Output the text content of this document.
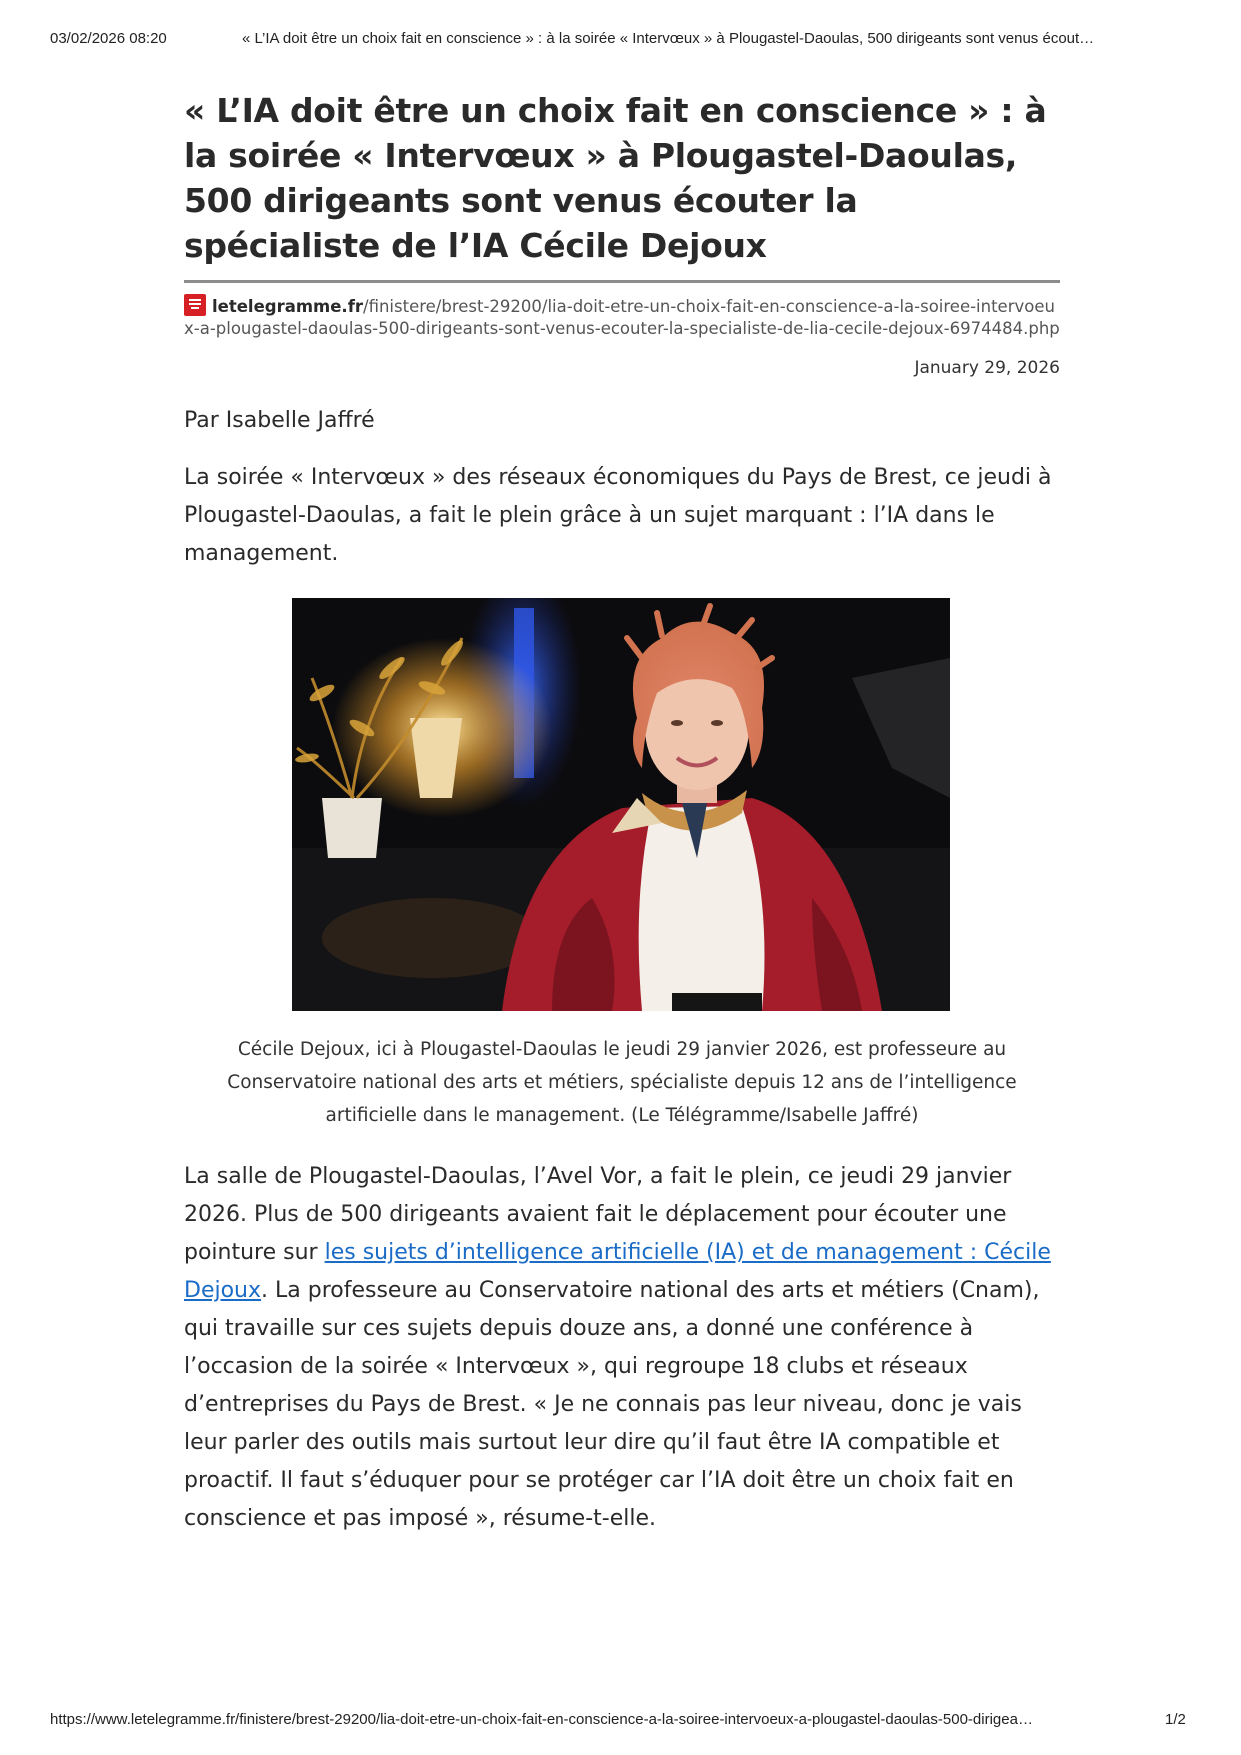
03/02/2026 08:20	« L’IA doit être un choix fait en conscience » : à la soirée « Intervœux » à Plougastel-Daoulas, 500 dirigeants sont venus écout…
« L’IA doit être un choix fait en conscience » : à la soirée « Intervœux » à Plougastel-Daoulas, 500 dirigeants sont venus écouter la spécialiste de l’IA Cécile Dejoux
letelegramme.fr/finistere/brest-29200/lia-doit-etre-un-choix-fait-en-conscience-a-la-soiree-intervoeux-a-plougastel-daoulas-500-dirigeants-sont-venus-ecouter-la-specialiste-de-lia-cecile-dejoux-6974484.php
January 29, 2026
Par Isabelle Jaffré

La soirée « Intervœux » des réseaux économiques du Pays de Brest, ce jeudi à Plougastel-Daoulas, a fait le plein grâce à un sujet marquant : l’IA dans le management.

Cécile Dejoux, ici à Plougastel-Daoulas le jeudi 29 janvier 2026, est professeure au Conservatoire national des arts et métiers, spécialiste depuis 12 ans de l’intelligence artificielle dans le management. (Le Télégramme/Isabelle Jaffré)

La salle de Plougastel-Daoulas, l’Avel Vor, a fait le plein, ce jeudi 29 janvier 2026. Plus de 500 dirigeants avaient fait le déplacement pour écouter une pointure sur les sujets d’intelligence artificielle (IA) et de management : Cécile Dejoux. La professeure au Conservatoire national des arts et métiers (Cnam), qui travaille sur ces sujets depuis douze ans, a donné une conférence à l’occasion de la soirée « Intervœux », qui regroupe 18 clubs et réseaux d’entreprises du Pays de Brest. « Je ne connais pas leur niveau, donc je vais leur parler des outils mais surtout leur dire qu’il faut être IA compatible et proactif. Il faut s’éduquer pour se protéger car l’IA doit être un choix fait en conscience et pas imposé », résume-t-elle.

https://www.letelegramme.fr/finistere/brest-29200/lia-doit-etre-un-choix-fait-en-conscience-a-la-soiree-intervoeux-a-plougastel-daoulas-500-dirigea…	1/2
